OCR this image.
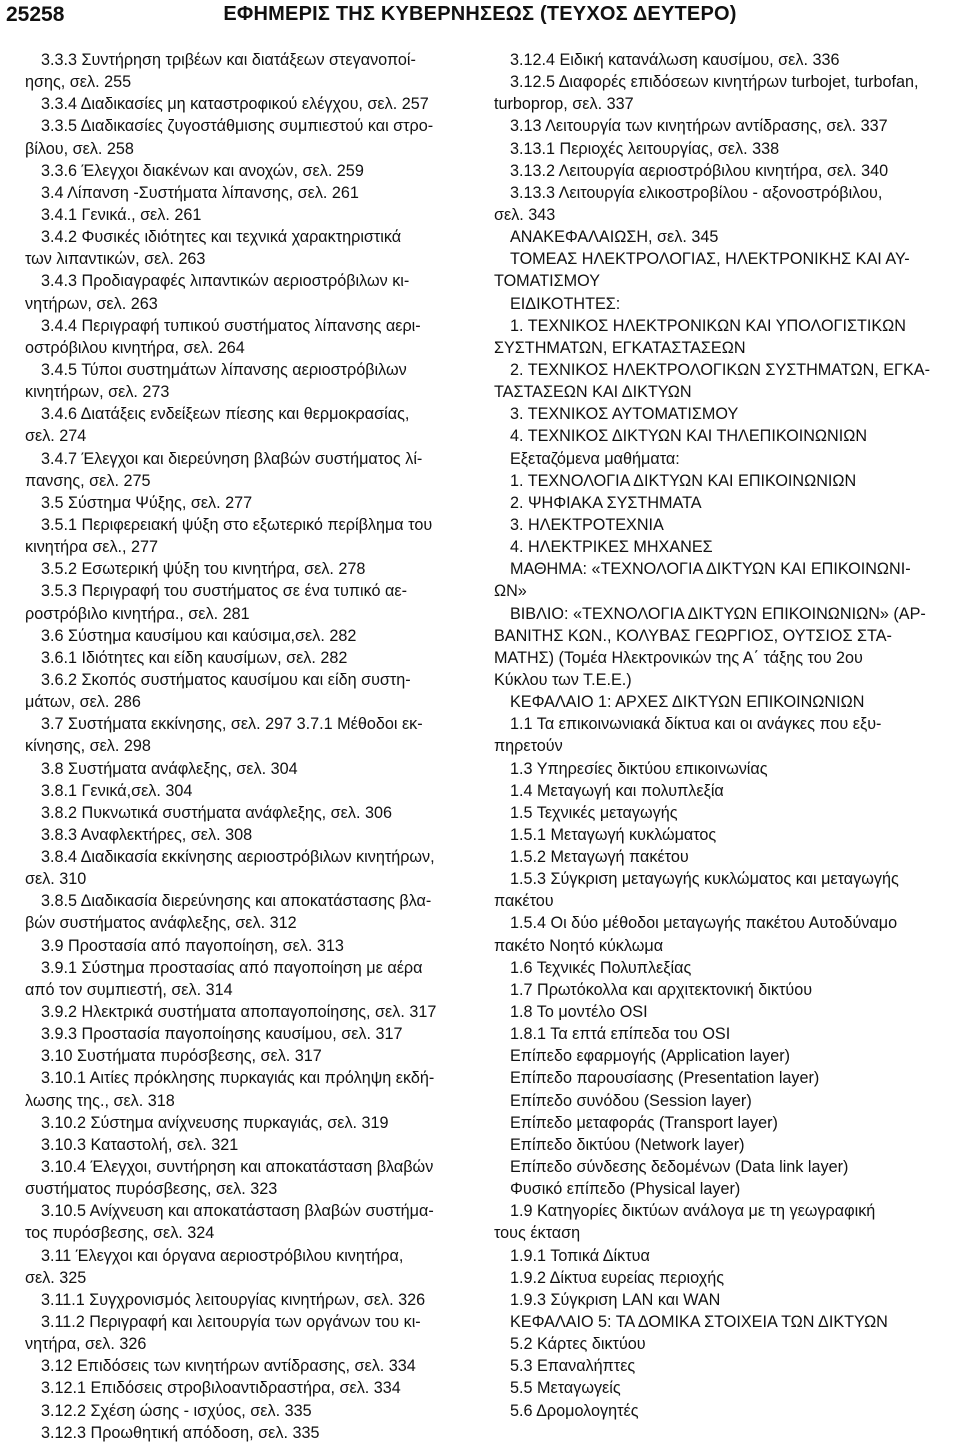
25258	ΕΦΗΜΕΡΙΣ ΤΗΣ ΚΥΒΕΡΝΗΣΕΩΣ (ΤΕΥΧΟΣ ΔΕΥΤΕΡΟ)
3.3.3 Συντήρηση τριβέων και διατάξεων στεγανοποί-
ησης, σελ. 255
3.3.4 Διαδικασίες μη καταστροφικού ελέγχου, σελ. 257
3.3.5 Διαδικασίες ζυγοστάθμισης συμπιεστού και στρο-
βίλου, σελ. 258
3.3.6 Έλεγχοι διακένων και ανοχών, σελ. 259
3.4 Λίπανση -Συστήματα λίπανσης, σελ. 261
3.4.1 Γενικά., σελ. 261
3.4.2 Φυσικές ιδιότητες και τεχνικά χαρακτηριστικά
των λιπαντικών, σελ. 263
3.4.3 Προδιαγραφές λιπαντικών αεριοστρόβιλων κι-
νητήρων, σελ. 263
3.4.4 Περιγραφή τυπικού συστήματος λίπανσης αερι-
οστρόβιλου κινητήρα, σελ. 264
3.4.5 Τύποι συστημάτων λίπανσης αεριοστρόβιλων
κινητήρων, σελ. 273
3.4.6 Διατάξεις ενδείξεων πίεσης και θερμοκρασίας,
σελ. 274
3.4.7 Έλεγχοι και διερεύνηση βλαβών συστήματος λί-
πανσης, σελ. 275
3.5 Σύστημα Ψύξης, σελ. 277
3.5.1 Περιφερειακή ψύξη στο εξωτερικό περίβλημα του
κινητήρα σελ., 277
3.5.2 Εσωτερική ψύξη του κινητήρα, σελ. 278
3.5.3 Περιγραφή του συστήματος σε ένα τυπικό αε-
ροστρόβιλο κινητήρα., σελ. 281
3.6 Σύστημα καυσίμου και καύσιμα,σελ. 282
3.6.1 Ιδιότητες και είδη καυσίμων, σελ. 282
3.6.2 Σκοπός συστήματος καυσίμου και είδη συστη-
μάτων, σελ. 286
3.7 Συστήματα εκκίνησης, σελ. 297 3.7.1 Μέθοδοι εκ-
κίνησης, σελ. 298
3.8 Συστήματα ανάφλεξης, σελ. 304
3.8.1 Γενικά,σελ. 304
3.8.2 Πυκνωτικά συστήματα ανάφλεξης, σελ. 306
3.8.3 Αναφλεκτήρες, σελ. 308
3.8.4 Διαδικασία εκκίνησης αεριοστρόβιλων κινητήρων,
σελ. 310
3.8.5 Διαδικασία διερεύνησης και αποκατάστασης βλα-
βών συστήματος ανάφλεξης, σελ. 312
3.9 Προστασία από παγοποίηση, σελ. 313
3.9.1 Σύστημα προστασίας από παγοποίηση με αέρα
από τον συμπιεστή, σελ. 314
3.9.2 Ηλεκτρικά συστήματα αποπαγοποίησης, σελ. 317
3.9.3 Προστασία παγοποίησης καυσίμου, σελ. 317
3.10 Συστήματα πυρόσβεσης, σελ. 317
3.10.1 Αιτίες πρόκλησης πυρκαγιάς και πρόληψη εκδή-
λωσης της., σελ. 318
3.10.2 Σύστημα ανίχνευσης πυρκαγιάς, σελ. 319
3.10.3 Καταστολή, σελ. 321
3.10.4 Έλεγχοι, συντήρηση και αποκατάσταση βλαβών
συστήματος πυρόσβεσης, σελ. 323
3.10.5 Ανίχνευση και αποκατάσταση βλαβών συστήμα-
τος πυρόσβεσης, σελ. 324
3.11 Έλεγχοι και όργανα αεριοστρόβιλου κινητήρα,
σελ. 325
3.11.1 Συγχρονισμός λειτουργίας κινητήρων, σελ. 326
3.11.2 Περιγραφή και λειτουργία των οργάνων του κι-
νητήρα, σελ. 326
3.12 Επιδόσεις των κινητήρων αντίδρασης, σελ. 334
3.12.1 Επιδόσεις στροβιλοαντιδραστήρα, σελ. 334
3.12.2 Σχέση ώσης - ισχύος, σελ. 335
3.12.3 Προωθητική απόδοση, σελ. 335
3.12.4 Ειδική κατανάλωση καυσίμου, σελ. 336
3.12.5 Διαφορές επιδόσεων κινητήρων turbojet, turbofan,
turboprop, σελ. 337
3.13 Λειτουργία των κινητήρων αντίδρασης, σελ. 337
3.13.1 Περιοχές λειτουργίας, σελ. 338
3.13.2 Λειτουργία αεριοστρόβιλου κινητήρα, σελ. 340
3.13.3 Λειτουργία ελικοστροβίλου - αξονοστρόβιλου,
σελ. 343
ΑΝΑΚΕΦΑΛΑΙΩΣΗ, σελ. 345
ΤΟΜΕΑΣ ΗΛΕΚΤΡΟΛΟΓΙΑΣ, ΗΛΕΚΤΡΟΝΙΚΗΣ ΚΑΙ ΑΥ-
ΤΟΜΑΤΙΣΜΟΥ
ΕΙΔΙΚΟΤΗΤΕΣ:
1. ΤΕΧΝΙΚΟΣ ΗΛΕΚΤΡΟΝΙΚΩΝ ΚΑΙ ΥΠΟΛΟΓΙΣΤΙΚΩΝ
ΣΥΣΤΗΜΑΤΩΝ, ΕΓΚΑΤΑΣΤΑΣΕΩΝ
2. ΤΕΧΝΙΚΟΣ ΗΛΕΚΤΡΟΛΟΓΙΚΩΝ ΣΥΣΤΗΜΑΤΩΝ, ΕΓΚΑ-
ΤΑΣΤΑΣΕΩΝ ΚΑΙ ΔΙΚΤΥΩΝ
3. ΤΕΧΝΙΚΟΣ ΑΥΤΟΜΑΤΙΣΜΟΥ
4. ΤΕΧΝΙΚΟΣ ΔΙΚΤΥΩΝ ΚΑΙ ΤΗΛΕΠΙΚΟΙΝΩΝΙΩΝ
Εξεταζόμενα μαθήματα:
1. ΤΕΧΝΟΛΟΓΙΑ ΔΙΚΤΥΩΝ ΚΑΙ ΕΠΙΚΟΙΝΩΝΙΩΝ
2. ΨΗΦΙΑΚΑ ΣΥΣΤΗΜΑΤΑ
3. ΗΛΕΚΤΡΟΤΕΧΝΙΑ
4. ΗΛΕΚΤΡΙΚΕΣ ΜΗΧΑΝΕΣ
ΜΑΘΗΜΑ: «ΤΕΧΝΟΛΟΓΙΑ ΔΙΚΤΥΩΝ ΚΑΙ ΕΠΙΚΟΙΝΩΝΙ-
ΩΝ»
ΒΙΒΛΙΟ: «ΤΕΧΝΟΛΟΓΙΑ ΔΙΚΤΥΩΝ ΕΠΙΚΟΙΝΩΝΙΩΝ» (ΑΡ-
ΒΑΝΙΤΗΣ ΚΩΝ., ΚΟΛΥΒΑΣ ΓΕΩΡΓΙΟΣ, ΟΥΤΣΙΟΣ ΣΤΑ-
ΜΑΤΗΣ) (Τομέα Ηλεκτρονικών της Α΄ τάξης του 2ου
Κύκλου των Τ.Ε.Ε.)
ΚΕΦΑΛΑΙΟ 1: ΑΡΧΕΣ ΔΙΚΤΥΩΝ ΕΠΙΚΟΙΝΩΝΙΩΝ
1.1 Τα επικοινωνιακά δίκτυα και οι ανάγκες που εξυ-
πηρετούν
1.3 Υπηρεσίες δικτύου επικοινωνίας
1.4 Μεταγωγή και πολυπλεξία
1.5 Τεχνικές μεταγωγής
1.5.1 Μεταγωγή κυκλώματος
1.5.2 Μεταγωγή πακέτου
1.5.3 Σύγκριση μεταγωγής κυκλώματος και μεταγωγής
πακέτου
1.5.4 Οι δύο μέθοδοι μεταγωγής πακέτου Αυτοδύναμο
πακέτο Νοητό κύκλωμα
1.6 Τεχνικές Πολυπλεξίας
1.7 Πρωτόκολλα και αρχιτεκτονική δικτύου
1.8 Το μοντέλο OSI
1.8.1 Τα επτά επίπεδα του OSI
Επίπεδο εφαρμογής (Application layer)
Επίπεδο παρουσίασης (Presentation layer)
Επίπεδο συνόδου (Session layer)
Επίπεδο μεταφοράς (Transport layer)
Επίπεδο δικτύου (Network layer)
Επίπεδο σύνδεσης δεδομένων (Data link layer)
Φυσικό επίπεδο (Physical layer)
1.9 Κατηγορίες δικτύων ανάλογα με τη γεωγραφική
τους έκταση
1.9.1 Τοπικά Δίκτυα
1.9.2 Δίκτυα ευρείας περιοχής
1.9.3 Σύγκριση LAN και WAN
ΚΕΦΑΛΑΙΟ 5: ΤΑ ΔΟΜΙΚΑ ΣΤΟΙΧΕΙΑ ΤΩΝ ΔΙΚΤΥΩΝ
5.2 Κάρτες δικτύου
5.3 Επαναλήπτες
5.5 Μεταγωγείς
5.6 Δρομολογητές
